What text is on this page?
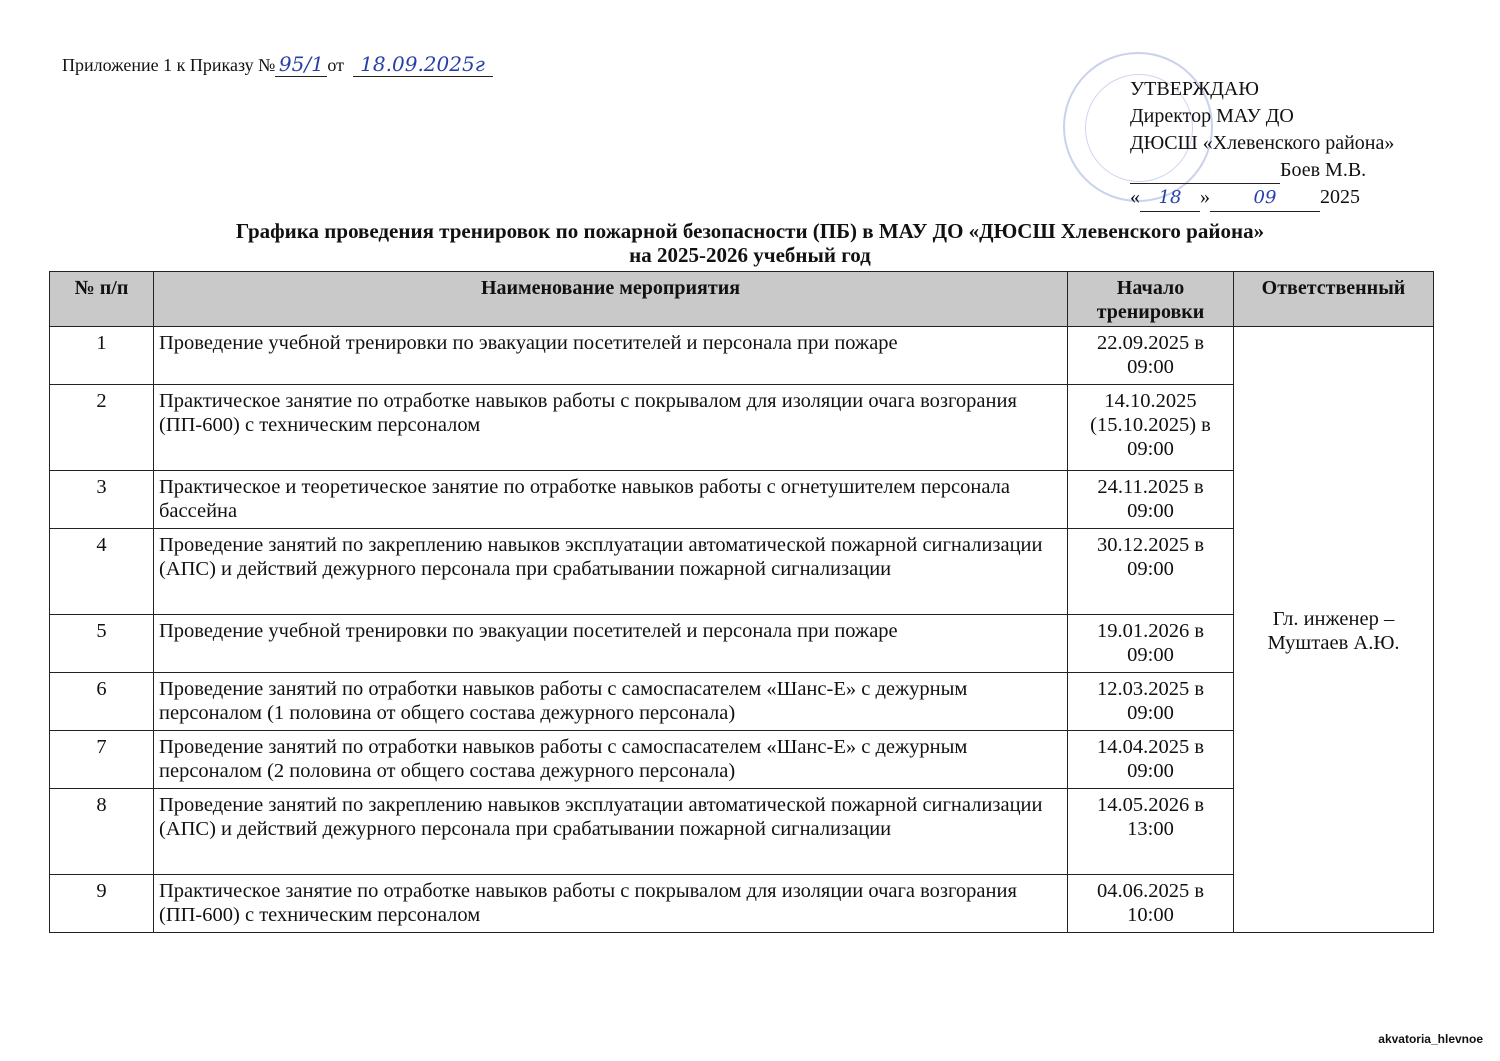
Приложение 1 к Приказу № 95/1 от 18.09.2025г
УТВЕРЖДАЮ
Директор МАУ ДО
ДЮСШ «Хлевенского района»
Боев М.В.
« 18 » 09 2025
Графика проведения тренировок по пожарной безопасности (ПБ) в МАУ ДО «ДЮСШ Хлевенского района»
на 2025-2026 учебный год
№ п/п	Наименование мероприятия	Начало тренировки	Ответственный
1	Проведение учебной тренировки по эвакуации посетителей и персонала при пожаре	22.09.2025 в 09:00	Гл. инженер – Муштаев А.Ю.
2	Практическое занятие по отработке навыков работы с покрывалом для изоляции очага возгорания (ПП-600) с техническим персоналом	14.10.2025 (15.10.2025) в 09:00	
3	Практическое и теоретическое занятие по отработке навыков работы с огнетушителем персонала бассейна	24.11.2025 в 09:00	
4	Проведение занятий по закреплению навыков эксплуатации автоматической пожарной сигнализации (АПС) и действий дежурного персонала при срабатывании пожарной сигнализации	30.12.2025 в 09:00	
5	Проведение учебной тренировки по эвакуации посетителей и персонала при пожаре	19.01.2026 в 09:00	
6	Проведение занятий по отработки навыков работы с самоспасателем «Шанс-Е» с дежурным персоналом (1 половина от общего состава дежурного персонала)	12.03.2025 в 09:00	
7	Проведение занятий по отработки навыков работы с самоспасателем «Шанс-Е» с дежурным персоналом (2 половина от общего состава дежурного персонала)	14.04.2025 в 09:00	
8	Проведение занятий по закреплению навыков эксплуатации автоматической пожарной сигнализации (АПС) и действий дежурного персонала при срабатывании пожарной сигнализации	14.05.2026 в 13:00	
9	Практическое занятие по отработке навыков работы с покрывалом для изоляции очага возгорания (ПП-600) с техническим персоналом	04.06.2025 в 10:00	
akvatoria_hlevnoe
